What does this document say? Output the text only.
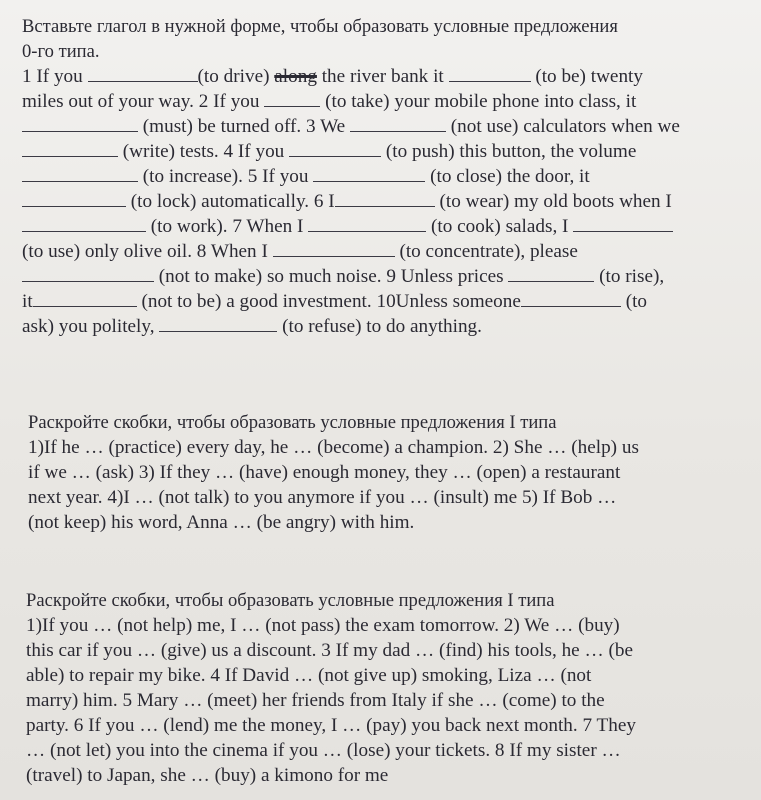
Вставьте глагол в нужной форме, чтобы образовать условные предложения
0-го типа.
1 If you	(to drive) along the river bank it	(to be) twenty
miles out of your way. 2 If you	(to take) your mobile phone into class, it
(must) be turned off. 3 We	(not use) calculators when we
(write) tests. 4 If you	(to push) this button, the volume
(to increase). 5 If you	(to close) the door, it
(to lock) automatically. 6 I	(to wear) my old boots when I
(to work). 7 When I	(to cook) salads, I
(to use) only olive oil. 8 When I	(to concentrate), please
(not to make) so much noise. 9 Unless prices	(to rise),
it	(not to be) a good investment. 10Unless someone	(to
ask) you politely,	(to refuse) to do anything.
Раскройте скобки, чтобы образовать условные предложения I типа
1)If he … (practice) every day, he … (become) a champion. 2) She … (help) us
if we … (ask) 3) If they … (have) enough money, they … (open) a restaurant
next year. 4)I … (not talk) to you anymore if you … (insult) me 5) If Bob …
(not keep) his word, Anna … (be angry) with him.
Раскройте скобки, чтобы образовать условные предложения I типа
1)If you … (not help) me, I … (not pass) the exam tomorrow. 2) We … (buy)
this car if you … (give) us a discount. 3 If my dad … (find) his tools, he … (be
able) to repair my bike. 4 If David … (not give up) smoking, Liza … (not
marry) him. 5 Mary … (meet) her friends from Italy if she … (come) to the
party. 6 If you … (lend) me the money, I … (pay) you back next month. 7 They
… (not let) you into the cinema if you … (lose) your tickets. 8 If my sister …
(travel) to Japan, she … (buy) a kimono for me
